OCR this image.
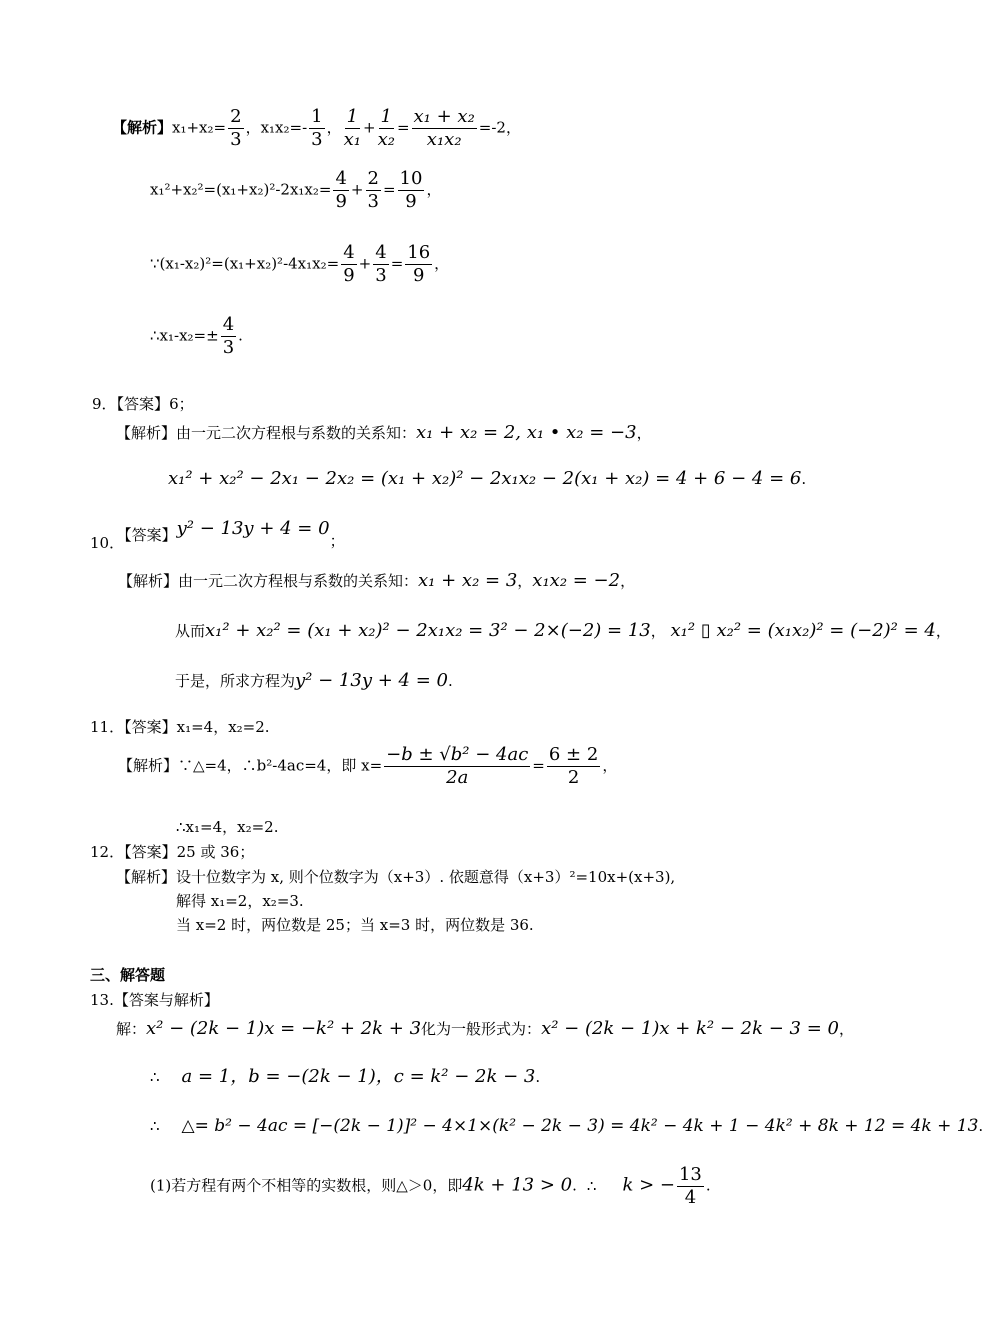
【解析】$x_1+x_2= \frac{2}{3}$ ，$x_1x_2=- \frac{1}{3}$ ， $\frac{1}{\text{x₁}} + \frac{1}{\text{x₂}} = \frac{\text{x₁ + x₂}}{\text{x₁x₂}} =-2$，
$x_1^2+x_2^2=(x_1+x_2)^2-2x_1x_2= \frac{4}{9} + \frac{2}{3} = \frac{10}{9}$ ，
∵(x₁-x₂)²=(x₁+x₂)²-4x₁x₂= $\frac{4}{9} + \frac{4}{3} = \frac{16}{9}$ ，
∴x₁-x₂=± $\frac{4}{3}$ .
9．【答案】6；
【解析】由一元二次方程根与系数的关系知：x₁ + x₂ = 2, x₁ • x₂ = −3，
x₁² + x₂² − 2x₁ − 2x₂ = (x₁ + x₂)² − 2x₁x₂ − 2(x₁ + x₂) = 4 + 6 − 4 = 6.
10．【答案】y² − 13y + 4 = 0；
【解析】由一元二次方程根与系数的关系知：x₁ + x₂ = 3，x₁x₂ = −2，
从而x₁² + x₂² = (x₁ + x₂)² − 2x₁x₂ = 3² − 2×(−2) = 13， x₁² ▯ x₂² = (x₁x₂)² = (−2)² = 4，
于是，所求方程为y² − 13y + 4 = 0.
11．【答案】x₁=4，x₂=2.
【解析】∵△=4，∴b²-4ac=4，即 $x= \frac{\text{−b ± √b² − 4ac}}{2a} = \frac{6 \pm 2}{2}$ ，
∴x₁=4，x₂=2.
12．【答案】25 或 36；
【解析】设十位数字为 x, 则个位数字为（x+3）. 依题意得（x+3）²=10x+(x+3),
解得 x₁=2，x₂=3.
当 x=2 时，两位数是 25；当 x=3 时，两位数是 36.
三、解答题
13.【答案与解析】
解：x² − (2k − 1)x = −k² + 2k + 3化为一般形式为：x² − (2k − 1)x + k² − 2k − 3 = 0，
∴ a = 1，b = −(2k − 1)，c = k² − 2k − 3.
∴ △= b² − 4ac = [−(2k − 1)]² − 4×1×(k² − 2k − 3) = 4k² − 4k + 1 − 4k² + 8k + 12 = 4k + 13.
(1)若方程有两个不相等的实数根，则△＞0，即4k + 13 > 0. ∴ k > − $\frac{13}{4}$ .
